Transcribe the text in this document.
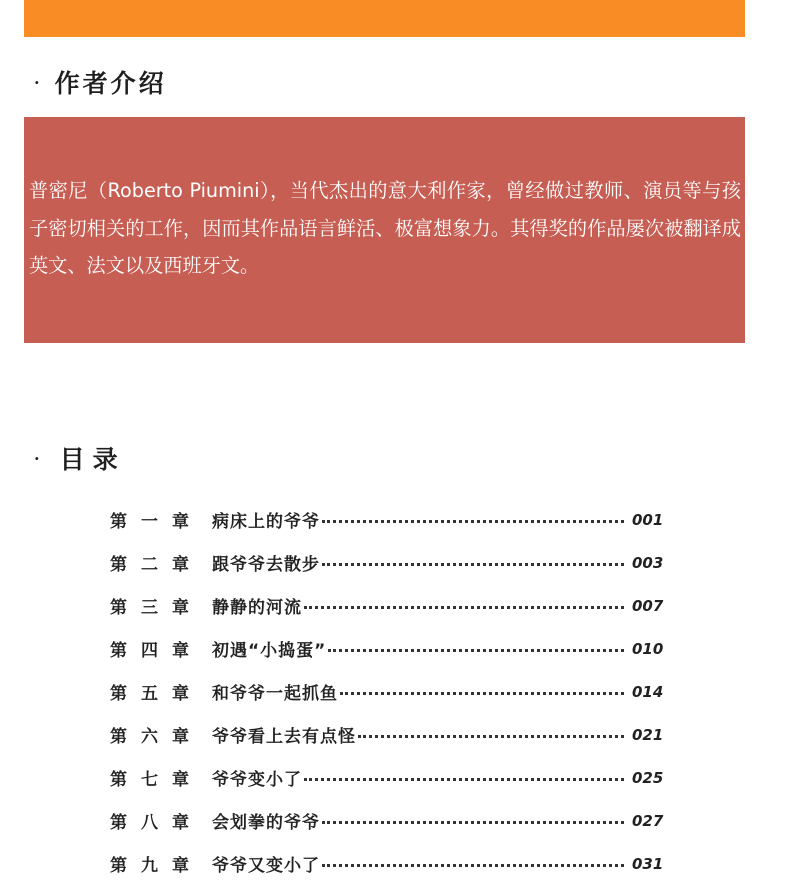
· 作者介绍

普密尼（Roberto Piumini），当代杰出的意大利作家，曾经做过教师、演员等与孩子密切相关的工作，因而其作品语言鲜活、极富想象力。其得奖的作品屡次被翻译成英文、法文以及西班牙文。

· 目录
第一章 病床上的爷爷	001
第二章 跟爷爷去散步	003
第三章 静静的河流	007
第四章 初遇“小捣蛋”	010
第五章 和爷爷一起抓鱼	014
第六章 爷爷看上去有点怪	021
第七章 爷爷变小了	025
第八章 会划拳的爷爷	027
第九章 爷爷又变小了	031
